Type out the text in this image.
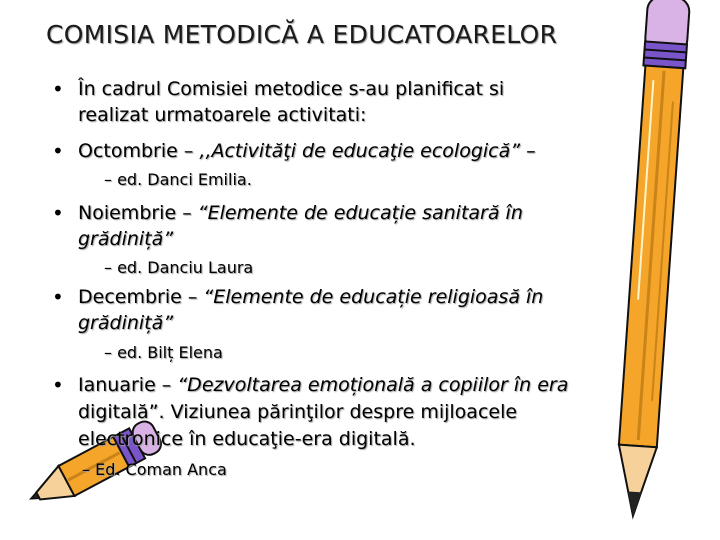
COMISIA METODICĂ A EDUCATOARELOR
• În cadrul Comisiei metodice s-au planificat si
realizat urmatoarele activitati:
• Octombrie – ,,Activităţi de educaţie ecologică” –
– ed. Danci Emilia.
• Noiembrie – “Elemente de educație sanitară în
grădiniță”
– ed. Danciu Laura
• Decembrie – “Elemente de educație religioasă în
grădiniță”
– ed. Bilț Elena
• Ianuarie – “Dezvoltarea emoțională a copiilor în era
digitală”. Viziunea părinţilor despre mijloacele
electronice în educaţie-era digitală.
– Ed. Coman Anca
